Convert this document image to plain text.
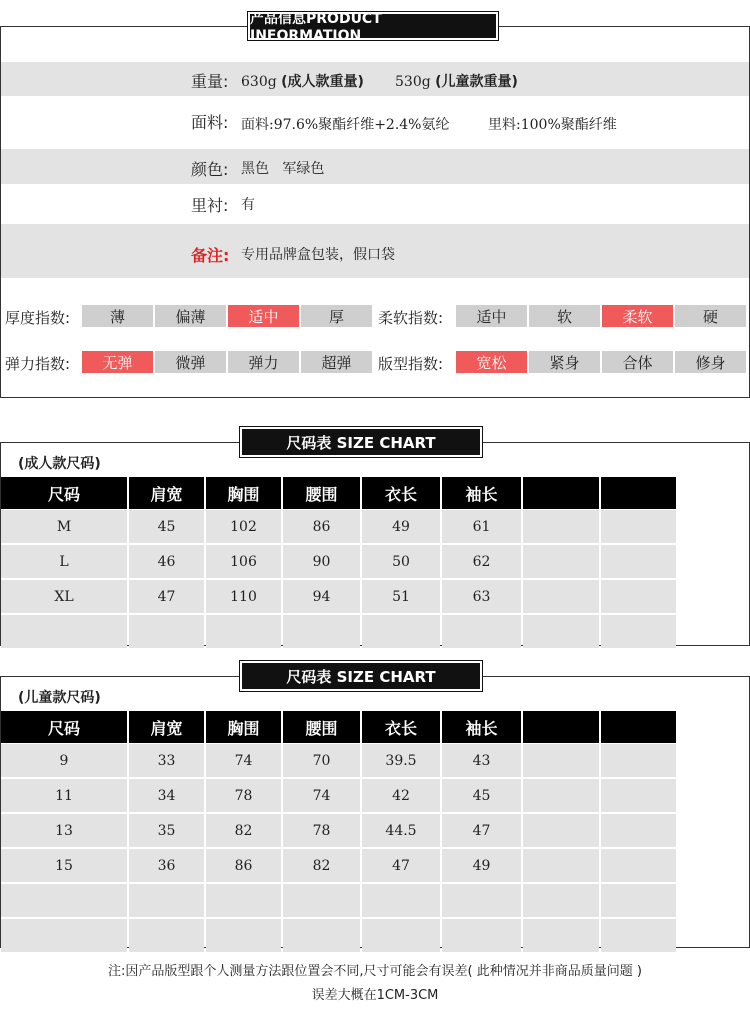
产品信息PRODUCT INFORMATION
重量: 630g (成人款重量) 530g (儿童款重量)
面料: 面料:97.6%聚酯纤维+2.4%氨纶	里料:100%聚酯纤维
颜色: 黑色   军绿色
里衬: 有
备注: 专用品牌盒包装，假口袋
厚度指数:	薄	偏薄	适中	厚	柔软指数:	适中	软	柔软	硬
弹力指数:	无弹	微弹	弹力	超弹	版型指数:	宽松	紧身	合体	修身
尺码表 SIZE CHART
(成人款尺码)
尺码	肩宽	胸围	腰围	衣长	袖长
M	45	102	86	49	61
L	46	106	90	50	62
XL	47	110	94	51	63
尺码表 SIZE CHART
(儿童款尺码)
尺码	肩宽	胸围	腰围	衣长	袖长
9	33	74	70	39.5	43
11	34	78	74	42	45
13	35	82	78	44.5	47
15	36	86	82	47	49
注:因产品版型跟个人测量方法跟位置会不同,尺寸可能会有误差( 此种情况并非商品质量问题 )
误差大概在1CM-3CM
